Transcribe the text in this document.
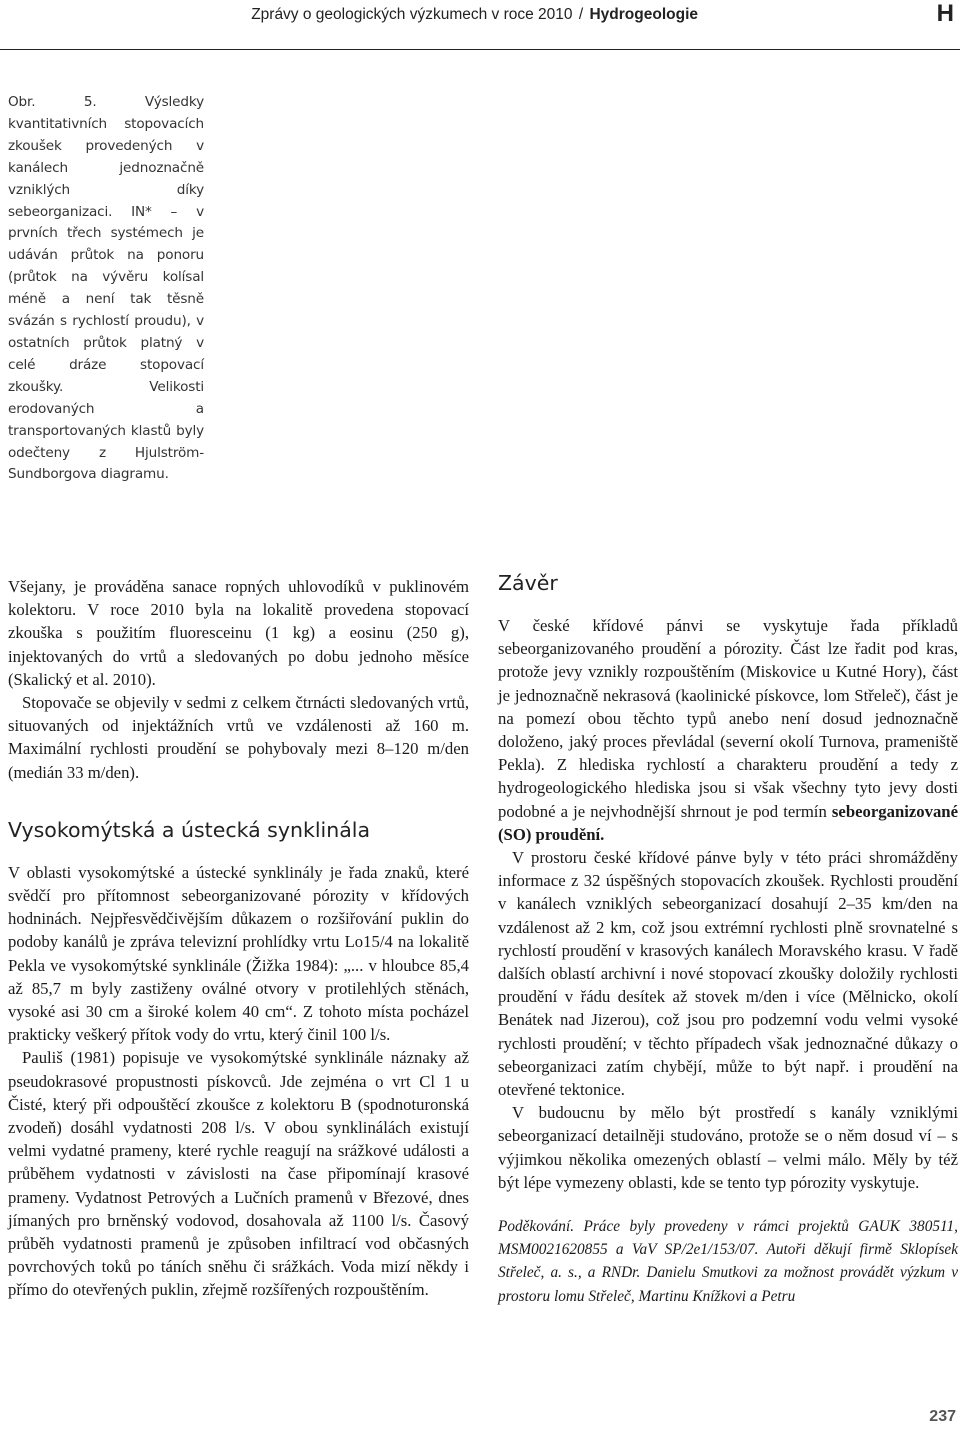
Zprávy o geologických výzkumech v roce 2010 / Hydrogeologie	H
Obr. 5. Výsledky kvantitativních stopovacích zkoušek provedených v kanálech jednoznačně vzniklých díky sebeorganizaci. IN* – v prvních třech systémech je udáván průtok na ponoru (průtok na vývěru kolísal méně a není tak těsně svázán s rychlostí proudu), v ostatních průtok platný v celé dráze stopovací zkoušky. Velikosti erodovaných a transportovaných klastů byly odečteny z Hjulström-Sundborgova diagramu.

Všejany, je prováděna sanace ropných uhlovodíků v puklinovém kolektoru. V roce 2010 byla na lokalitě provedena stopovací zkouška s použitím fluoresceinu (1 kg) a eosinu (250 g), injektovaných do vrtů a sledovaných po dobu jednoho měsíce (Skalický et al. 2010).

Stopovače se objevily v sedmi z celkem čtrnácti sledovaných vrtů, situovaných od injektážních vrtů ve vzdálenosti až 160 m. Maximální rychlosti proudění se pohybovaly mezi 8–120 m/den (medián 33 m/den).

Vysokomýtská a ústecká synklinála

V oblasti vysokomýtské a ústecké synklinály je řada znaků, které svědčí pro přítomnost sebeorganizované pórozity v křídových hodninách. Nejpřesvědčivějším důkazem o rozšiřování puklin do podoby kanálů je zpráva televizní prohlídky vrtu Lo15/4 na lokalitě Pekla ve vysokomýtské synklinále (Žižka 1984): „... v hloubce 85,4 až 85,7 m byly zastiženy oválné otvory v protilehlých stěnách, vysoké asi 30 cm a široké kolem 40 cm“. Z tohoto místa pocházel prakticky veškerý přítok vody do vrtu, který činil 100 l/s.

Pauliš (1981) popisuje ve vysokomýtské synklinále náznaky až pseudokrasové propustnosti pískovců. Jde zejména o vrt Cl 1 u Čisté, který při odpouštěcí zkoušce z kolektoru B (spodnoturonská zvodeň) dosáhl vydatnosti 208 l/s. V obou synklinálách existují velmi vydatné prameny, které rychle reagují na srážkové události a průběhem vydatnosti v závislosti na čase připomínají krasové prameny. Vydatnost Petrových a Lučních pramenů v Březové, dnes jímaných pro brněnský vodovod, dosahovala až 1100 l/s. Časový průběh vydatnosti pramenů je způsoben infiltrací vod občasných povrchových toků po táních sněhu či srážkách. Voda mizí někdy i přímo do otevřených puklin, zřejmě rozšířených rozpouštěním.

Závěr

V české křídové pánvi se vyskytuje řada příkladů sebeorganizovaného proudění a pórozity. Část lze řadit pod kras, protože jevy vznikly rozpouštěním (Miskovice u Kutné Hory), část je jednoznačně nekrasová (kaolinické pískovce, lom Střeleč), část je na pomezí obou těchto typů anebo není dosud jednoznačně doloženo, jaký proces převládal (severní okolí Turnova, prameniště Pekla). Z hlediska rychlostí a charakteru proudění a tedy z hydrogeologického hlediska jsou si však všechny tyto jevy dosti podobné a je nejvhodnější shrnout je pod termín sebeorganizované (SO) proudění.

V prostoru české křídové pánve byly v této práci shromážděny informace z 32 úspěšných stopovacích zkoušek. Rychlosti proudění v kanálech vzniklých sebeorganizací dosahují 2–35 km/den na vzdálenost až 2 km, což jsou extrémní rychlosti plně srovnatelné s rychlostí proudění v krasových kanálech Moravského krasu. V řadě dalších oblastí archivní i nové stopovací zkoušky doložily rychlosti proudění v řádu desítek až stovek m/den i více (Mělnicko, okolí Benátek nad Jizerou), což jsou pro podzemní vodu velmi vysoké rychlosti proudění; v těchto případech však jednoznačné důkazy o sebeorganizaci zatím chybějí, může to být např. i proudění na otevřené tektonice.

V budoucnu by mělo být prostředí s kanály vzniklými sebeorganizací detailněji studováno, protože se o něm dosud ví – s výjimkou několika omezených oblastí – velmi málo. Měly by též být lépe vymezeny oblasti, kde se tento typ pórozity vyskytuje.

Poděkování. Práce byly provedeny v rámci projektů GAUK 380511, MSM0021620855 a VaV SP/2e1/153/07. Autoři děkují firmě Sklopísek Střeleč, a. s., a RNDr. Danielu Smutkovi za možnost provádět výzkum v prostoru lomu Střeleč, Martinu Knížkovi a Petru

237
